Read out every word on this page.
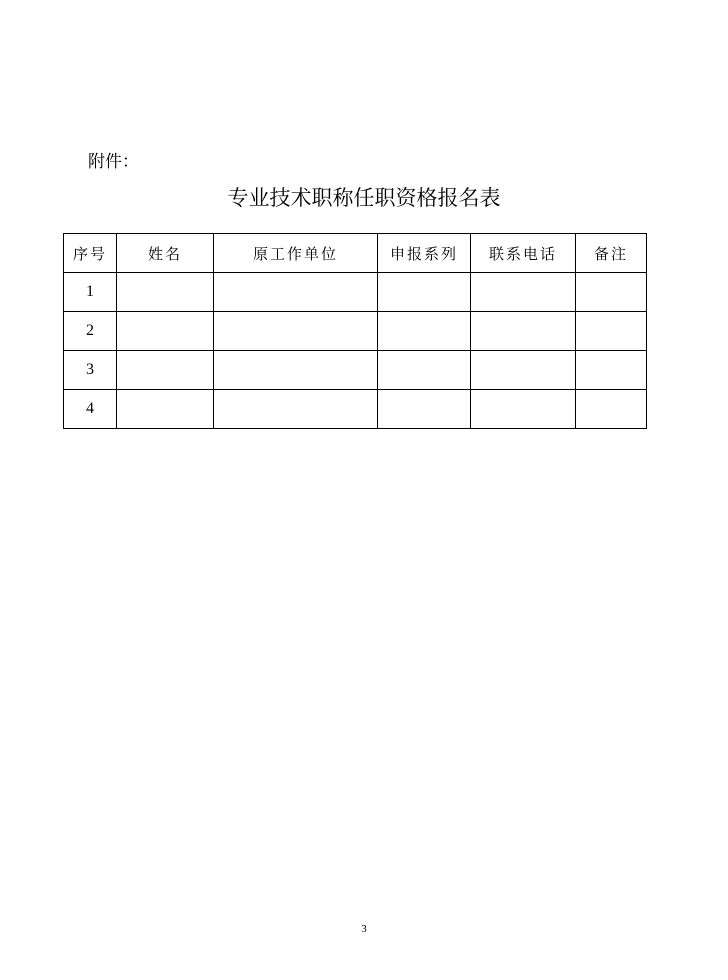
附件：
专业技术职称任职资格报名表
序号	姓名	原工作单位	申报系列	联系电话	备注
1					
2					
3					
4					
3
